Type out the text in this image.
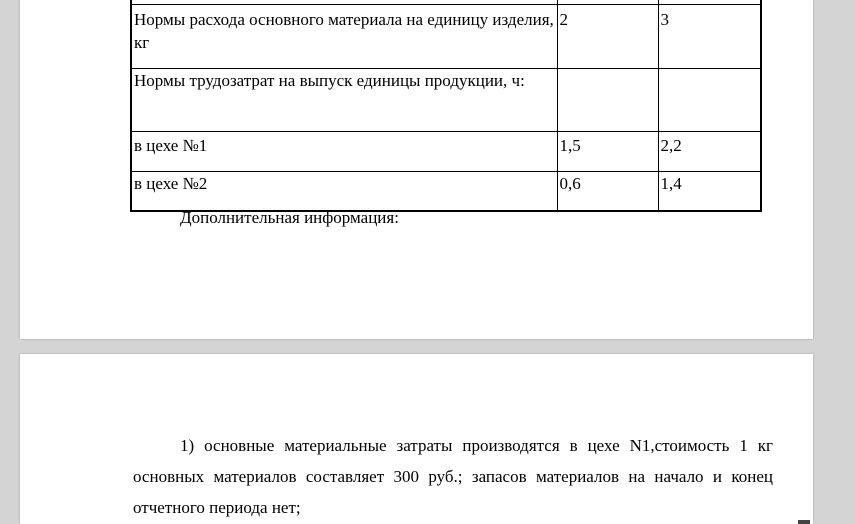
Нормы расхода основного материала на единицу изделия, кг	2	3
Нормы трудозатрат на выпуск единицы продукции, ч:		
в цехе №1	1,5	2,2
в цехе №2	0,6	1,4

Дополнительная информация:

1) основные материальные затраты производятся в цехе N1,стоимость 1 кг основных материалов составляет 300 руб.; запасов материалов на начало и конец отчетного периода нет;
